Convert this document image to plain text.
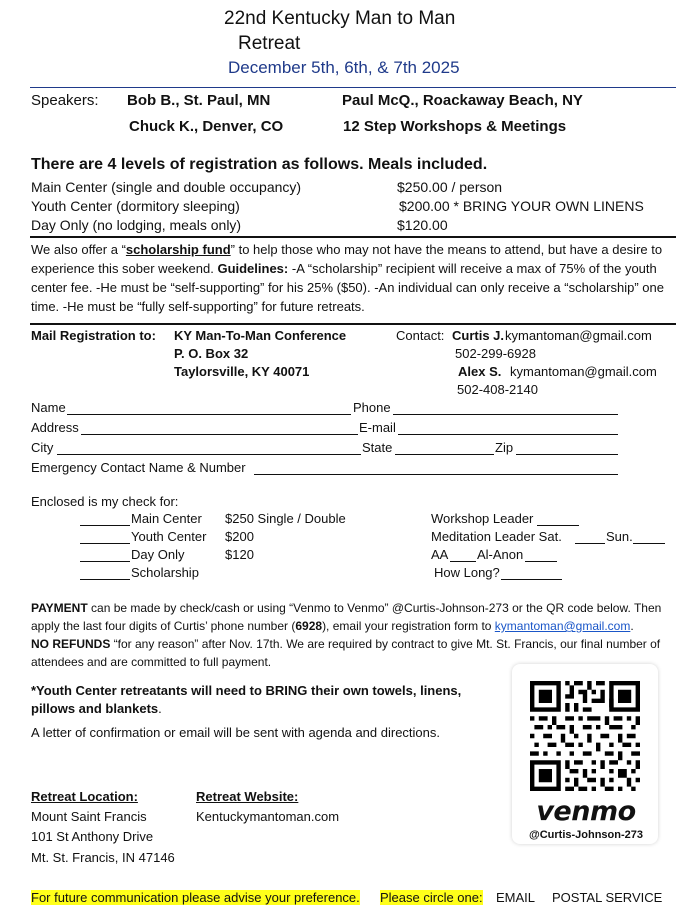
22nd Kentucky Man to Man
Retreat
December 5th, 6th, & 7th 2025
Speakers: Bob B., St. Paul, MN	Paul McQ., Roackaway Beach, NY
Chuck K., Denver, CO	12 Step Workshops & Meetings
There are 4 levels of registration as follows. Meals included.
Main Center (single and double occupancy)	$250.00 / person
Youth Center (dormitory sleeping)	$200.00 * BRING YOUR OWN LINENS
Day Only (no lodging, meals only)	$120.00
We also offer a “scholarship fund” to help those who may not have the means to attend, but have a desire to experience this sober weekend. Guidelines: -A “scholarship” recipient will receive a max of 75% of the youth center fee. -He must be “self-supporting” for his 25% ($50). -An individual can only receive a “scholarship” one time. -He must be “fully self-supporting” for future retreats.
Mail Registration to: KY Man-To-Man Conference
P. O. Box 32
Taylorsville, KY 40071
Contact: Curtis J. kymantoman@gmail.com
502-299-6928
Alex S. kymantoman@gmail.com
502-408-2140
Name	Phone
Address	E-mail
City	State	Zip
Emergency Contact Name & Number
Enclosed is my check for:
Main Center $250 Single / Double
Youth Center $200
Day Only	$120
Scholarship
Workshop Leader
Meditation Leader Sat.	Sun.
AA Al-Anon
How Long?
PAYMENT can be made by check/cash or using “Venmo to Venmo” @Curtis-Johnson-273 or the QR code below. Then apply the last four digits of Curtis’ phone number (6928), email your registration form to kymantoman@gmail.com.
NO REFUNDS “for any reason” after Nov. 17th. We are required by contract to give Mt. St. Francis, our final number of attendees and are committed to full payment.
*Youth Center retreatants will need to BRING their own towels, linens, pillows and blankets.
A letter of confirmation or email will be sent with agenda and directions.
venmo
@Curtis-Johnson-273
Retreat Location:
Mount Saint Francis
101 St Anthony Drive
Mt. St. Francis, IN 47146
Retreat Website:
Kentuckymantoman.com
For future communication please advise your preference. Please circle one: EMAIL POSTAL SERVICE
